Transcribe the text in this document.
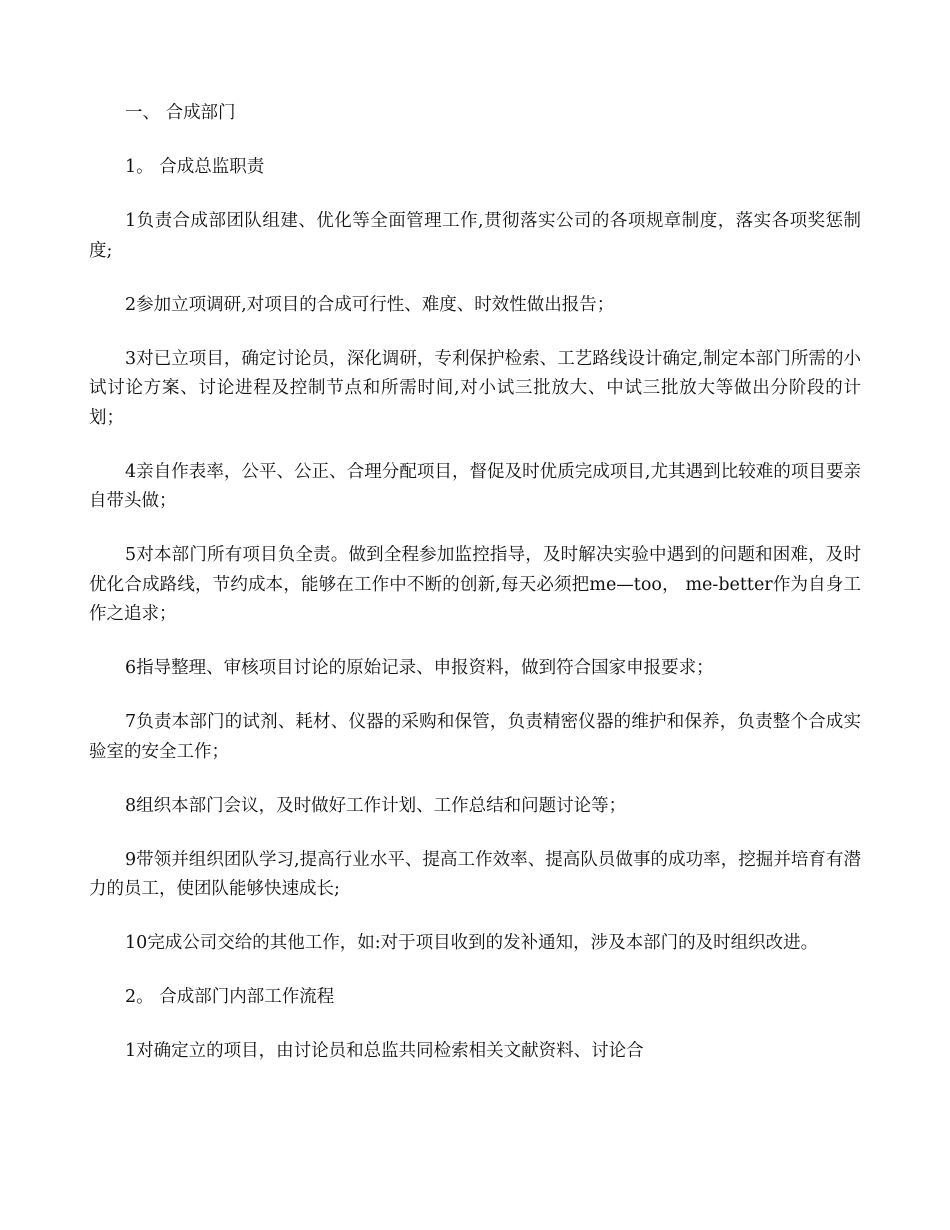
一、 合成部门

1。 合成总监职责

1负责合成部团队组建、优化等全面管理工作,贯彻落实公司的各项规章制度，落实各项奖惩制度;

2参加立项调研,对项目的合成可行性、难度、时效性做出报告；

3对已立项目，确定讨论员，深化调研，专利保护检索、工艺路线设计确定,制定本部门所需的小试讨论方案、讨论进程及控制节点和所需时间,对小试三批放大、中试三批放大等做出分阶段的计划；

4亲自作表率，公平、公正、合理分配项目，督促及时优质完成项目,尤其遇到比较难的项目要亲自带头做；

5对本部门所有项目负全责。做到全程参加监控指导，及时解决实验中遇到的问题和困难，及时优化合成路线，节约成本，能够在工作中不断的创新,每天必须把me—too， me-better作为自身工作之追求；

6指导整理、审核项目讨论的原始记录、申报资料，做到符合国家申报要求；

7负责本部门的试剂、耗材、仪器的采购和保管，负责精密仪器的维护和保养，负责整个合成实验室的安全工作；

8组织本部门会议，及时做好工作计划、工作总结和问题讨论等；

9带领并组织团队学习,提高行业水平、提高工作效率、提高队员做事的成功率，挖掘并培育有潜力的员工，使团队能够快速成长;

10完成公司交给的其他工作，如:对于项目收到的发补通知，涉及本部门的及时组织改进。

2。 合成部门内部工作流程

1对确定立的项目，由讨论员和总监共同检索相关文献资料、讨论合
